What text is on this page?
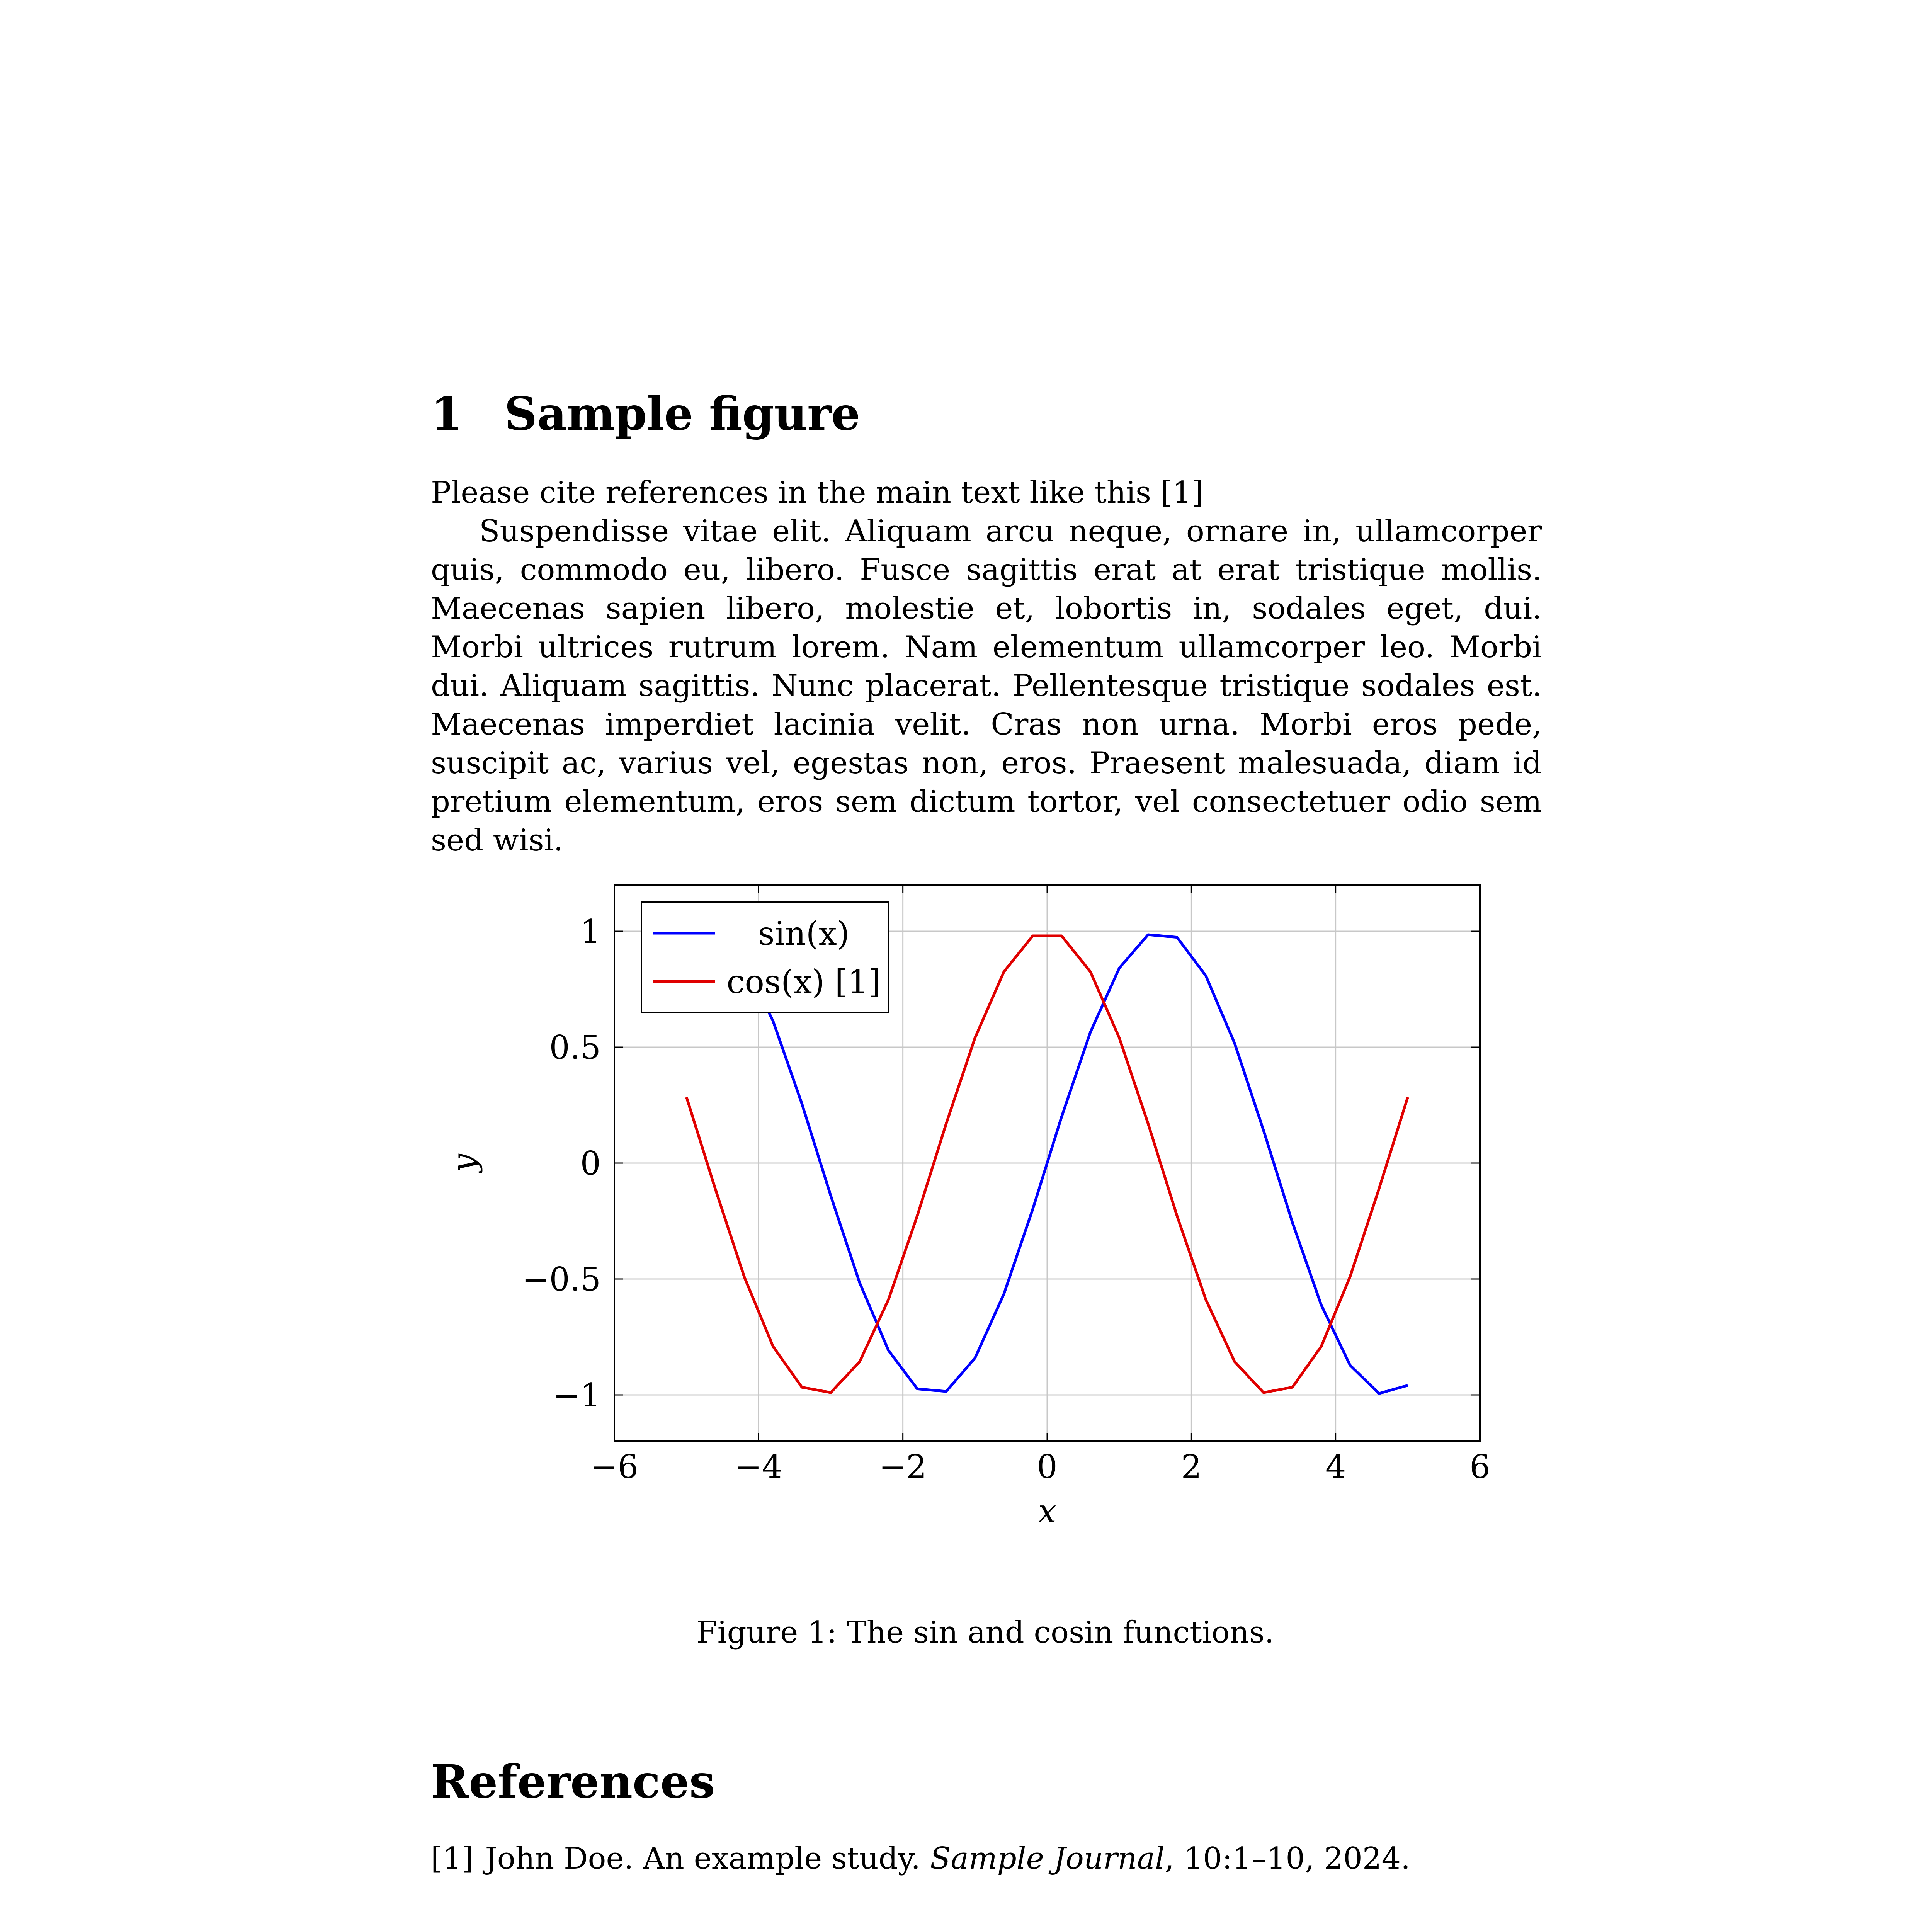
1 Sample figure

Please cite references in the main text like this [1]

Suspendisse vitae elit. Aliquam arcu neque, ornare in, ullamcorper quis, commodo eu, libero. Fusce sagittis erat at erat tristique mollis. Maecenas sapien libero, molestie et, lobortis in, sodales eget, dui. Morbi ultrices rutrum lorem. Nam elementum ullamcorper leo. Morbi dui. Aliquam sagittis. Nunc placerat. Pellentesque tristique sodales est. Maecenas imperdiet lacinia velit. Cras non urna. Morbi eros pede, suscipit ac, varius vel, egestas non, eros. Praesent malesuada, diam id pretium elementum, eros sem dictum tortor, vel consectetuer odio sem sed wisi.

−6	−4	−2	0	2	4	6
−1
−0.5
0
0.5
1
x
y
sin(x)
cos(x) [1]
Figure 1: The sin and cosin functions.
References
[1] John Doe. An example study. Sample Journal, 10:1–10, 2024.
